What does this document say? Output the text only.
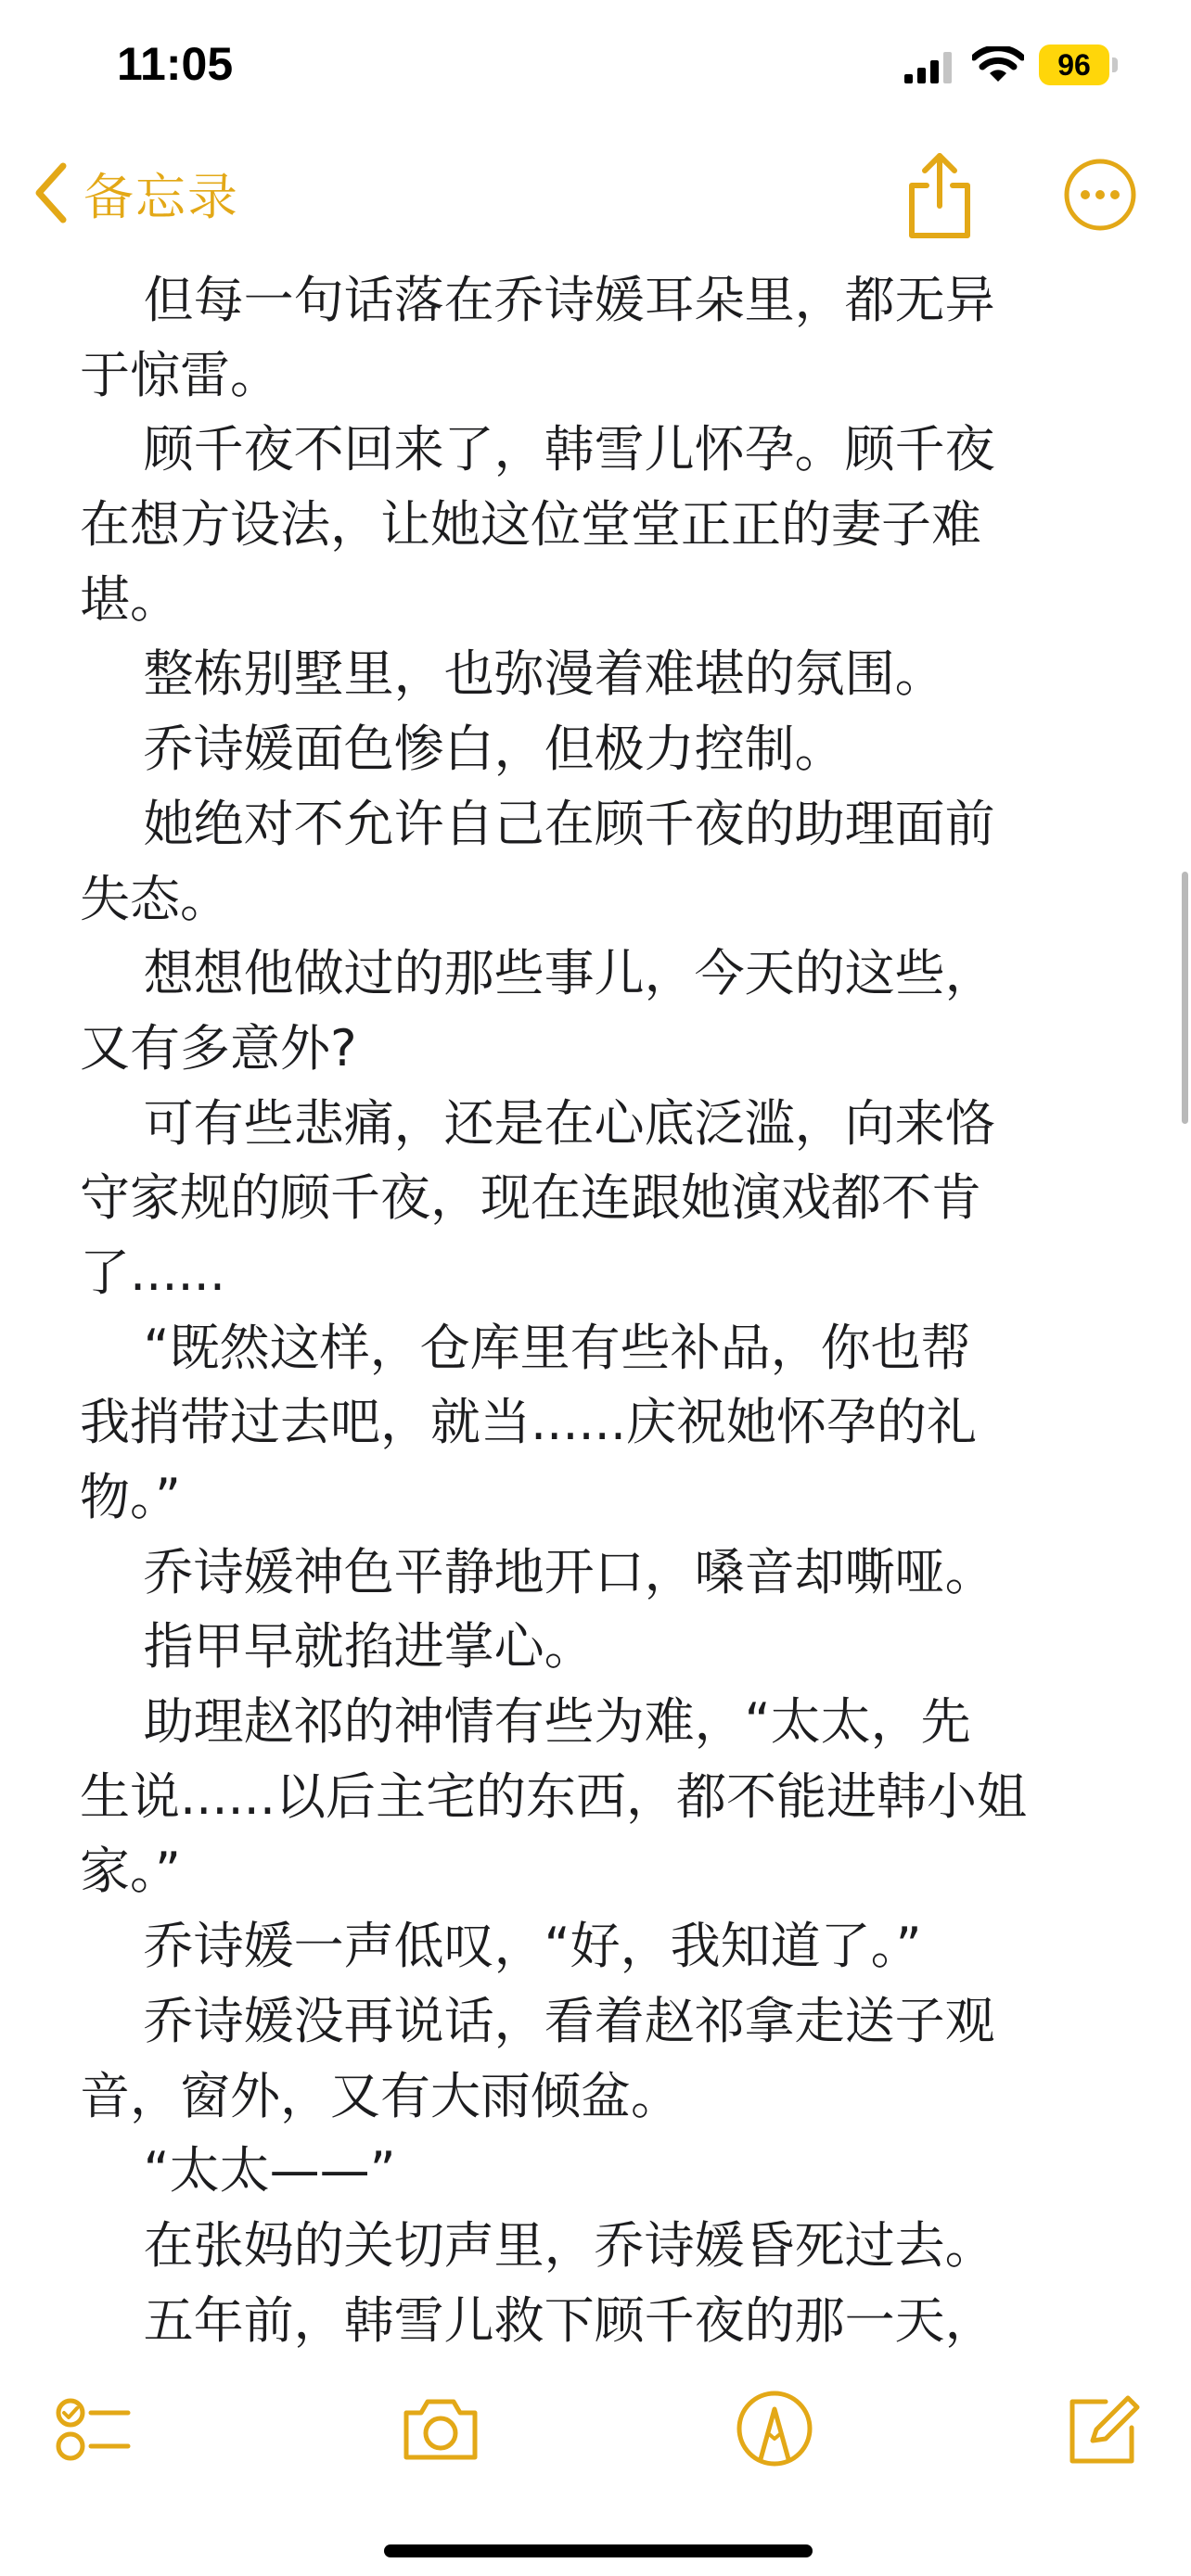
11:05	96
备忘录
但每一句话落在乔诗媛耳朵里，都无异
于惊雷。
顾千夜不回来了，韩雪儿怀孕。顾千夜
在想方设法，让她这位堂堂正正的妻子难
堪。
整栋别墅里，也弥漫着难堪的氛围。
乔诗媛面色惨白，但极力控制。
她绝对不允许自己在顾千夜的助理面前
失态。
想想他做过的那些事儿，今天的这些，
又有多意外?
可有些悲痛，还是在心底泛滥，向来恪
守家规的顾千夜，现在连跟她演戏都不肯
了......
“既然这样，仓库里有些补品，你也帮
我捎带过去吧，就当......庆祝她怀孕的礼
物。”
乔诗媛神色平静地开口，嗓音却嘶哑。
指甲早就掐进掌心。
助理赵祁的神情有些为难，“太太，先
生说......以后主宅的东西，都不能进韩小姐
家。”
乔诗媛一声低叹，“好，我知道了。”
乔诗媛没再说话，看着赵祁拿走送子观
音，窗外，又有大雨倾盆。
“太太——”
在张妈的关切声里，乔诗媛昏死过去。
五年前，韩雪儿救下顾千夜的那一天，
